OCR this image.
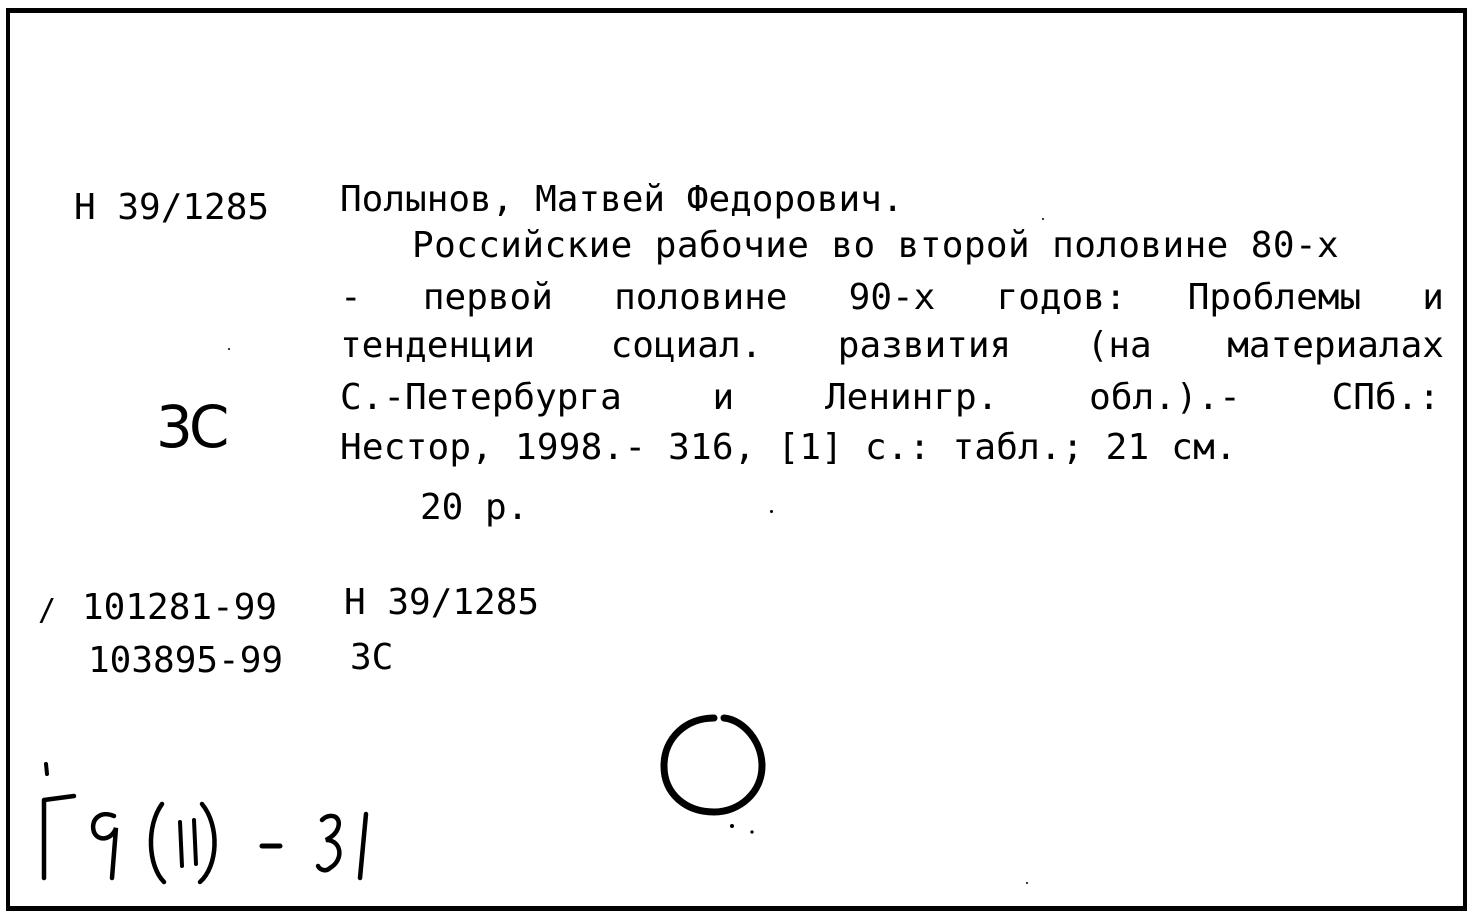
Н 39/1285 Полынов, Матвей Федорович.
Российские рабочие во второй половине 80-х
- первой половине 90-х годов: Проблемы и
тенденции социал. развития (на материалах
С.-Петербурга	и	Ленингр.	обл.).-	СПб.:
Нестор, 1998.- 316, [1] с.: табл.; 21 см.
20 р.
3С
/ 101281-99 Н 39/1285
103895-99 3С
